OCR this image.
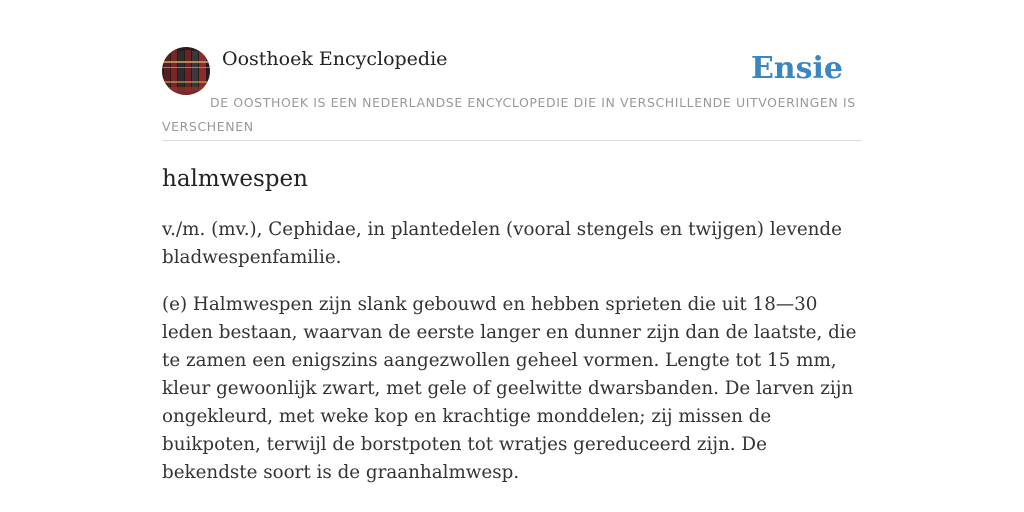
Oosthoek Encyclopedie	Ensie
DE OOSTHOEK IS EEN NEDERLANDSE ENCYCLOPEDIE DIE IN VERSCHILLENDE UITVOERINGEN IS VERSCHENEN
halmwespen

v./m. (mv.), Cephidae, in plantedelen (vooral stengels en twijgen) levende bladwespenfamilie.

(e) Halmwespen zijn slank gebouwd en hebben sprieten die uit 18—30 leden bestaan, waarvan de eerste langer en dunner zijn dan de laatste, die te zamen een enigszins aangezwollen geheel vormen. Lengte tot 15 mm, kleur gewoonlijk zwart, met gele of geelwitte dwarsbanden. De larven zijn ongekleurd, met weke kop en krachtige monddelen; zij missen de buikpoten, terwijl de borstpoten tot wratjes gereduceerd zijn. De bekendste soort is de graanhalmwesp.
